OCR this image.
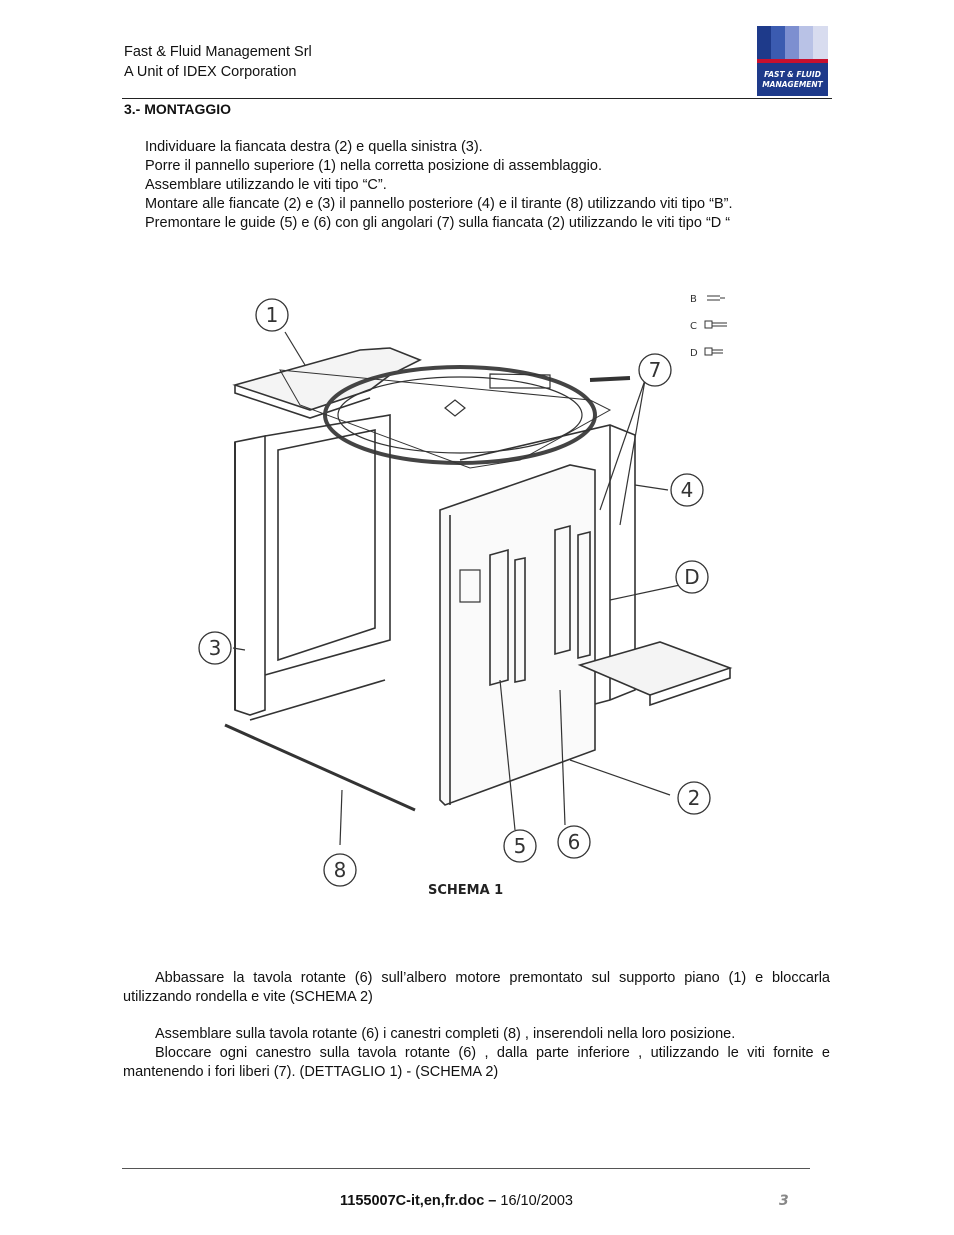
Fast & Fluid Management Srl
A Unit of IDEX Corporation	FAST & FLUID
MANAGEMENT
3.- MONTAGGIO
Individuare la fiancata destra (2) e quella sinistra (3).
Porre il pannello superiore (1) nella corretta posizione di assemblaggio.
Assemblare utilizzando le viti tipo “C”.
Montare alle fiancate (2) e (3) il pannello posteriore (4) e il tirante (8) utilizzando viti tipo “B”.
Premontare le guide (5) e (6) con gli angolari (7) sulla fiancata (2) utilizzando le viti tipo “D “
1
2
3
4
5 6
7
8
D
B
C
D
SCHEMA 1

Abbassare la tavola rotante (6) sull’albero motore premontato sul supporto piano (1) e bloccarla utilizzando rondella e vite (SCHEMA 2)

Assemblare sulla tavola rotante (6) i canestri completi (8) , inserendoli nella loro posizione.

Bloccare ogni canestro sulla tavola rotante (6) , dalla parte inferiore , utilizzando le viti fornite e mantenendo i fori liberi (7). (DETTAGLIO 1) - (SCHEMA 2)

1155007C-it,en,fr.doc – 16/10/2003	3
